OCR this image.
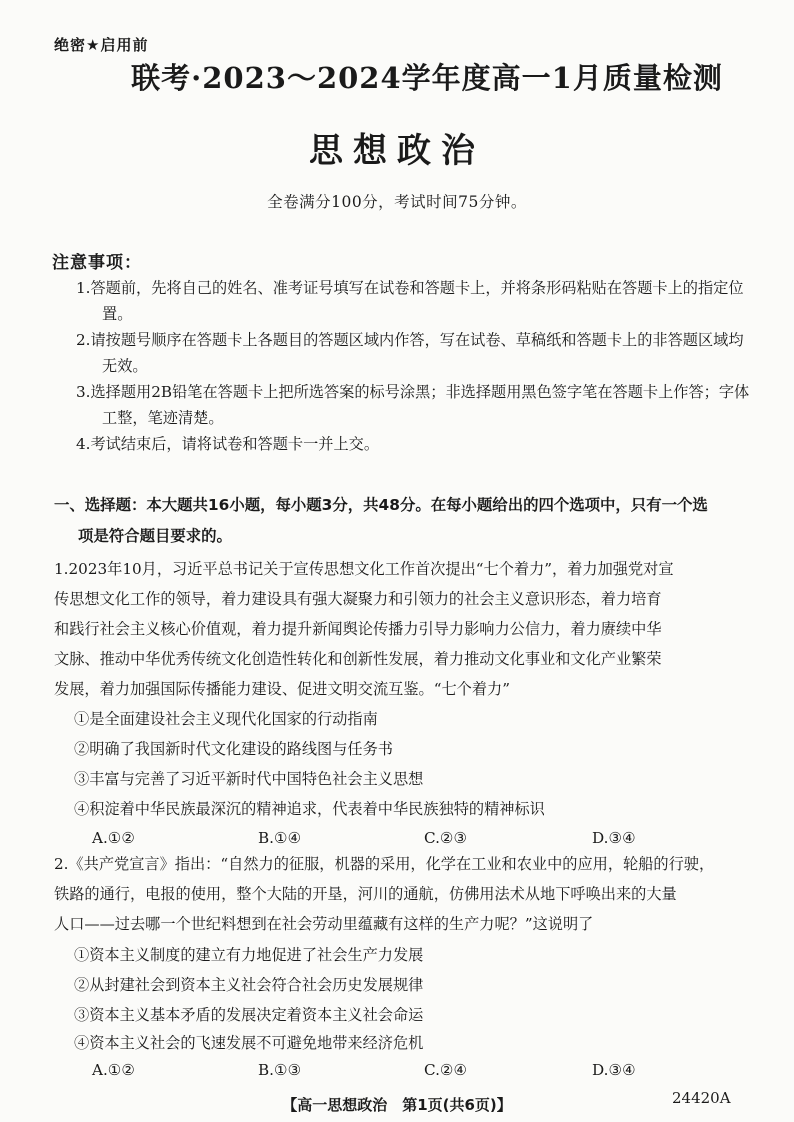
绝密★启用前
联考·2023～2024学年度高一1月质量检测
思想政治
全卷满分100分，考试时间75分钟。
注意事项：
1.答题前，先将自己的姓名、准考证号填写在试卷和答题卡上，并将条形码粘贴在答题卡上的指定位置。
2.请按题号顺序在答题卡上各题目的答题区域内作答，写在试卷、草稿纸和答题卡上的非答题区域均无效。
3.选择题用2B铅笔在答题卡上把所选答案的标号涂黑；非选择题用黑色签字笔在答题卡上作答；字体工整，笔迹清楚。
4.考试结束后，请将试卷和答题卡一并上交。
一、选择题：本大题共16小题，每小题3分，共48分。在每小题给出的四个选项中，只有一个选
项是符合题目要求的。
1.2023年10月，习近平总书记关于宣传思想文化工作首次提出“七个着力”，着力加强党对宣
传思想文化工作的领导，着力建设具有强大凝聚力和引领力的社会主义意识形态，着力培育
和践行社会主义核心价值观，着力提升新闻舆论传播力引导力影响力公信力，着力赓续中华
文脉、推动中华优秀传统文化创造性转化和创新性发展，着力推动文化事业和文化产业繁荣
发展，着力加强国际传播能力建设、促进文明交流互鉴。“七个着力”
①是全面建设社会主义现代化国家的行动指南
②明确了我国新时代文化建设的路线图与任务书
③丰富与完善了习近平新时代中国特色社会主义思想
④积淀着中华民族最深沉的精神追求，代表着中华民族独特的精神标识
A.①②	B.①④	C.②③	D.③④
2.《共产党宣言》指出：“自然力的征服，机器的采用，化学在工业和农业中的应用，轮船的行驶，
铁路的通行，电报的使用，整个大陆的开垦，河川的通航，仿佛用法术从地下呼唤出来的大量
人口——过去哪一个世纪料想到在社会劳动里蕴藏有这样的生产力呢？”这说明了
①资本主义制度的建立有力地促进了社会生产力发展
②从封建社会到资本主义社会符合社会历史发展规律
③资本主义基本矛盾的发展决定着资本主义社会命运
④资本主义社会的飞速发展不可避免地带来经济危机
A.①②	B.①③	C.②④	D.③④
【高一思想政治　第1页(共6页)】	24420A
